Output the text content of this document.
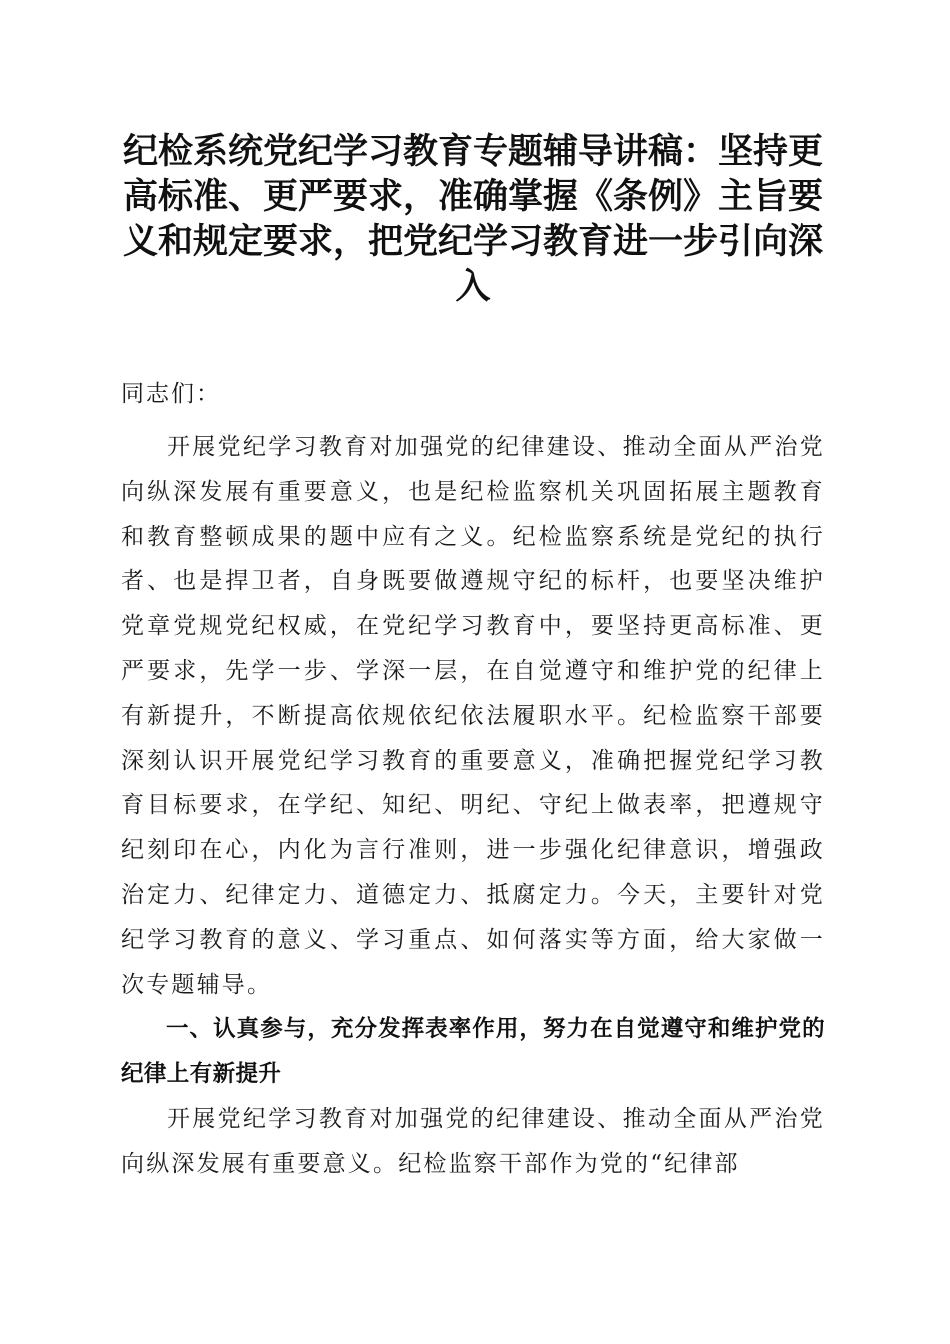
纪检系统党纪学习教育专题辅导讲稿：坚持更高标准、更严要求，准确掌握《条例》主旨要义和规定要求，把党纪学习教育进一步引向深入

同志们：

开展党纪学习教育对加强党的纪律建设、推动全面从严治党向纵深发展有重要意义，也是纪检监察机关巩固拓展主题教育和教育整顿成果的题中应有之义。纪检监察系统是党纪的执行者、也是捍卫者，自身既要做遵规守纪的标杆，也要坚决维护党章党规党纪权威，在党纪学习教育中，要坚持更高标准、更严要求，先学一步、学深一层，在自觉遵守和维护党的纪律上有新提升，不断提高依规依纪依法履职水平。纪检监察干部要深刻认识开展党纪学习教育的重要意义，准确把握党纪学习教育目标要求，在学纪、知纪、明纪、守纪上做表率，把遵规守纪刻印在心，内化为言行准则，进一步强化纪律意识，增强政治定力、纪律定力、道德定力、抵腐定力。今天，主要针对党纪学习教育的意义、学习重点、如何落实等方面，给大家做一次专题辅导。

一、认真参与，充分发挥表率作用，努力在自觉遵守和维护党的纪律上有新提升

开展党纪学习教育对加强党的纪律建设、推动全面从严治党向纵深发展有重要意义。纪检监察干部作为党的“纪律部
